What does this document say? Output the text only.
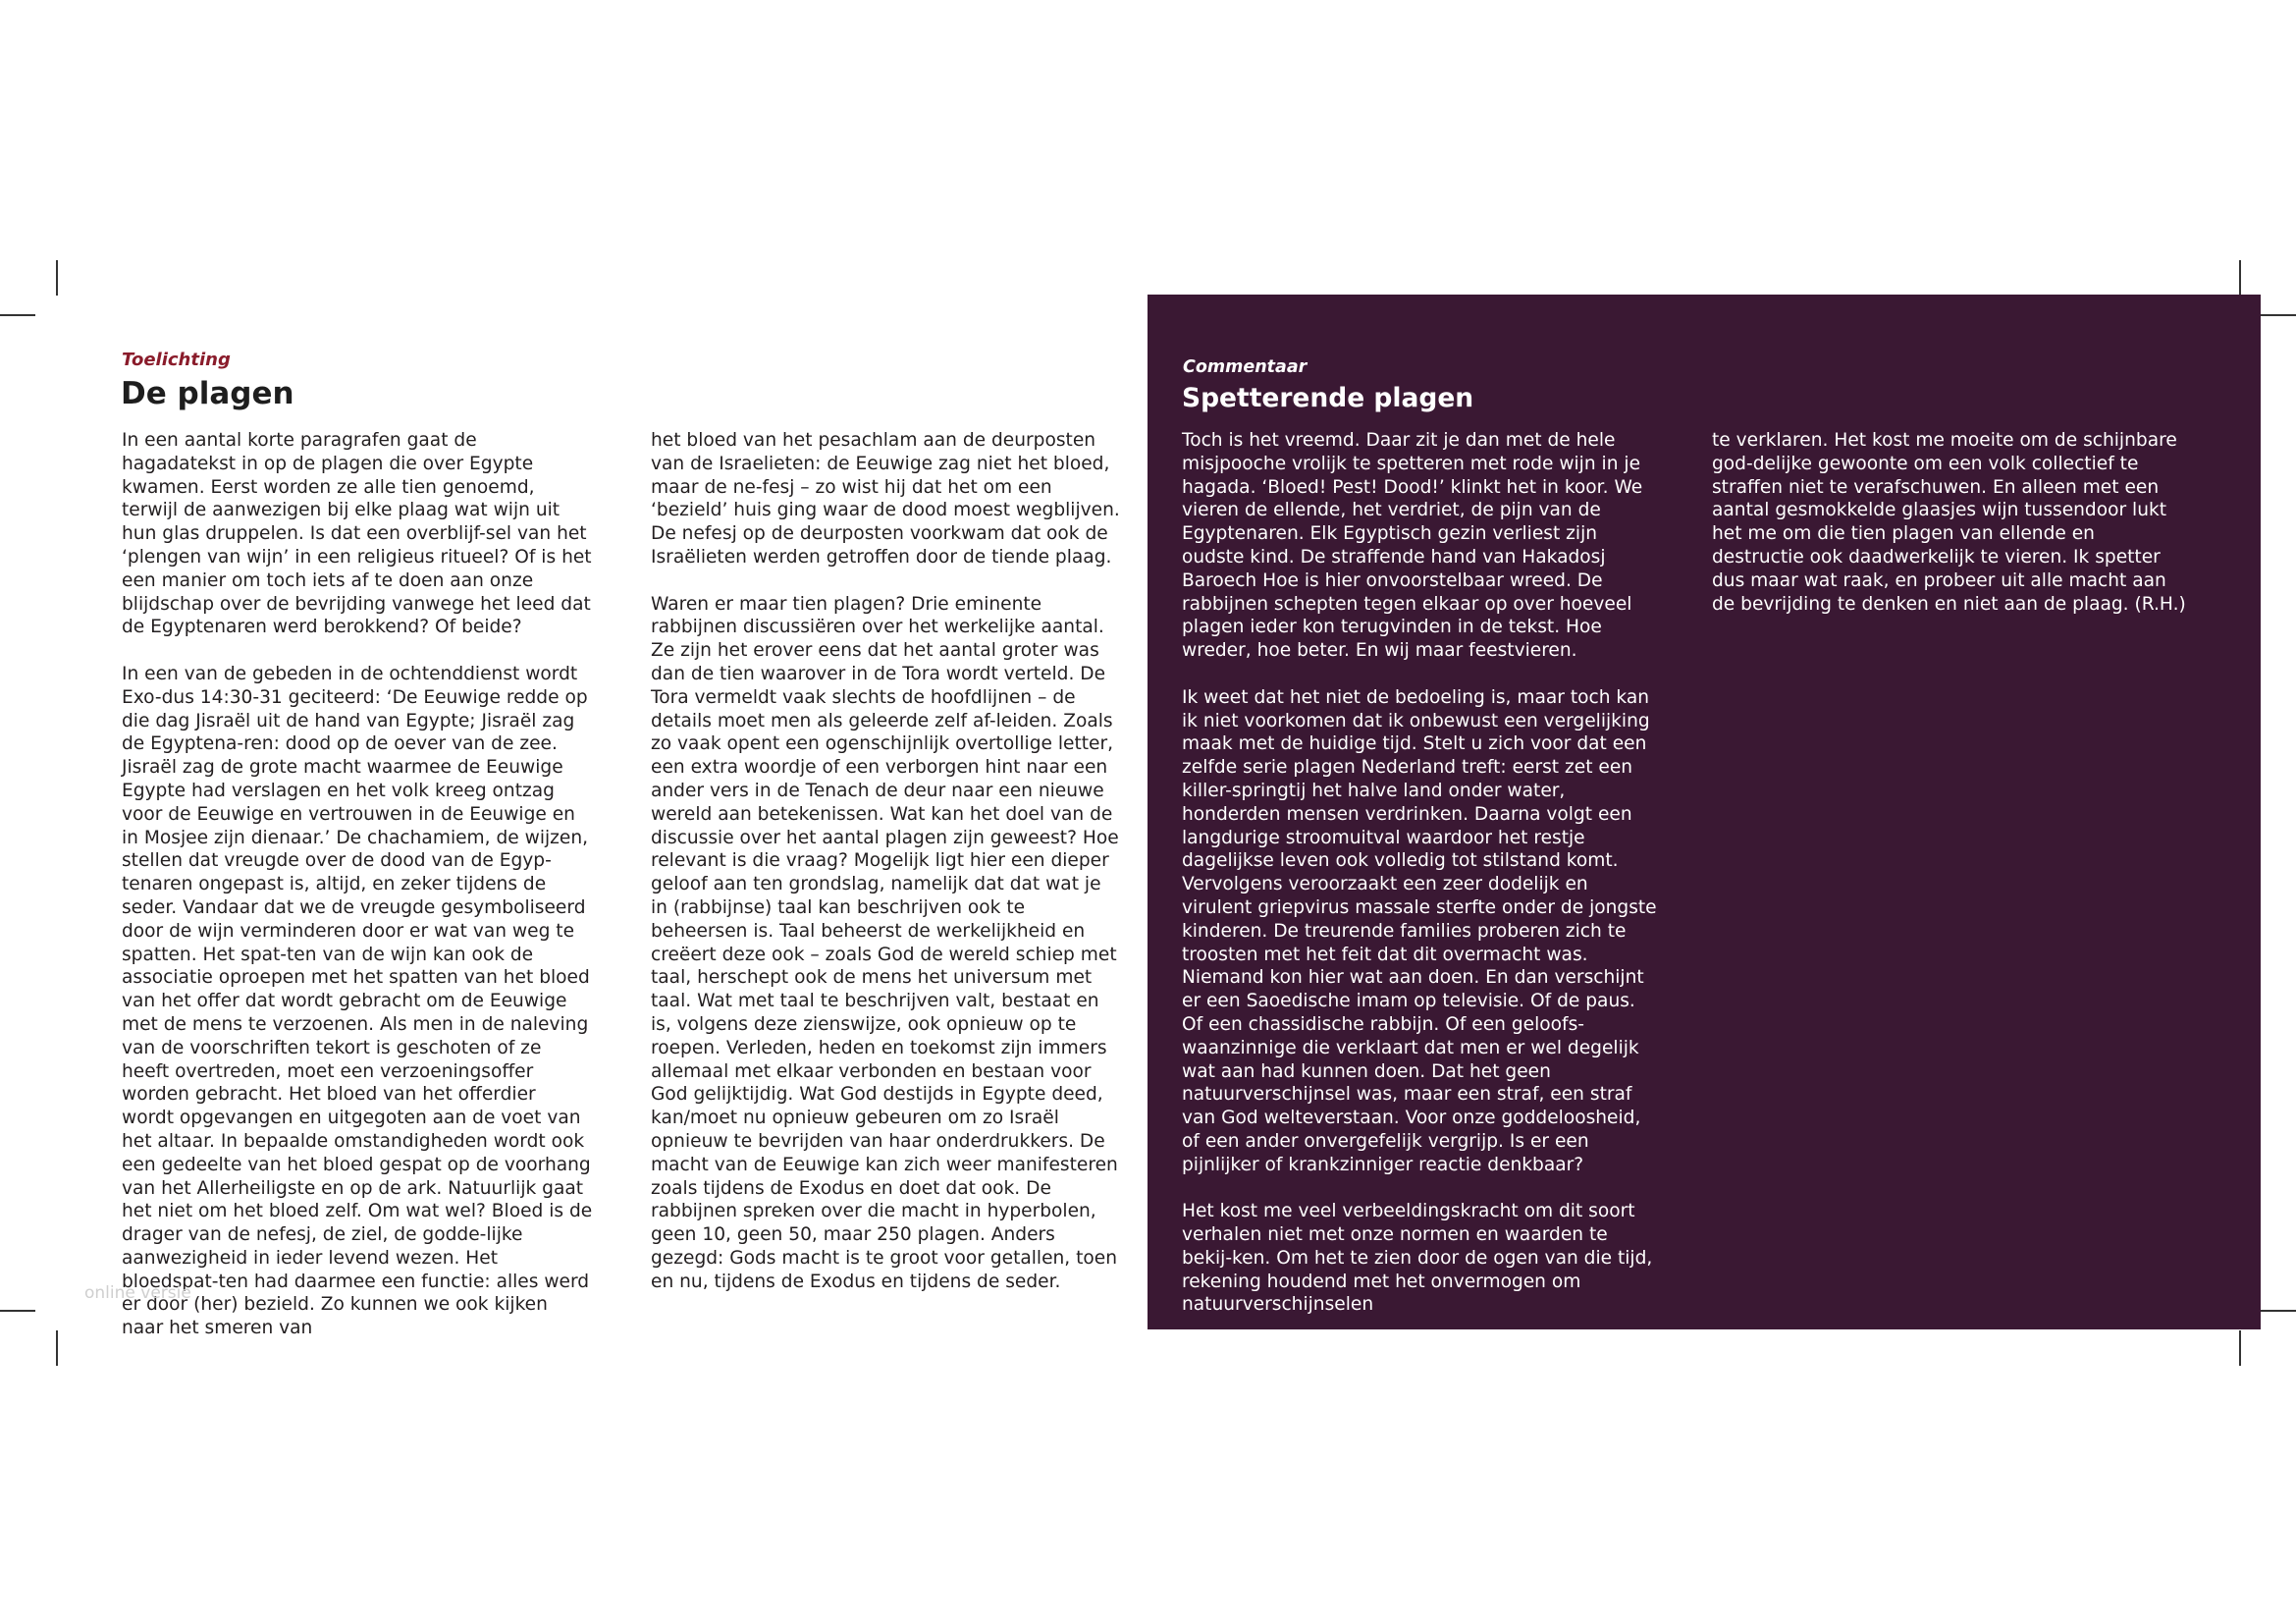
Toelichting
De plagen

In een aantal korte paragrafen gaat de hagadatekst in op de plagen die over Egypte kwamen. Eerst worden ze alle tien genoemd, terwijl de aanwezigen bij elke plaag wat wijn uit hun glas druppelen. Is dat een overblijf-sel van het ‘plengen van wijn’ in een religieus ritueel? Of is het een manier om toch iets af te doen aan onze blijdschap over de bevrijding vanwege het leed dat de Egyptenaren werd berokkend? Of beide?

In een van de gebeden in de ochtenddienst wordt Exo-dus 14:30-31 geciteerd: ‘De Eeuwige redde op die dag Jisraël uit de hand van Egypte; Jisraël zag de Egyptena-ren: dood op de oever van de zee. Jisraël zag de grote macht waarmee de Eeuwige Egypte had verslagen en het volk kreeg ontzag voor de Eeuwige en vertrouwen in de Eeuwige en in Mosjee zijn dienaar.’ De chachamiem, de wijzen, stellen dat vreugde over de dood van de Egyp-tenaren ongepast is, altijd, en zeker tijdens de seder. Vandaar dat we de vreugde gesymboliseerd door de wijn verminderen door er wat van weg te spatten. Het spat-ten van de wijn kan ook de associatie oproepen met het spatten van het bloed van het offer dat wordt gebracht om de Eeuwige met de mens te verzoenen. Als men in de naleving van de voorschriften tekort is geschoten of ze heeft overtreden, moet een verzoeningsoffer worden gebracht. Het bloed van het offerdier wordt opgevangen en uitgegoten aan de voet van het altaar. In bepaalde omstandigheden wordt ook een gedeelte van het bloed gespat op de voorhang van het Allerheiligste en op de ark. Natuurlijk gaat het niet om het bloed zelf. Om wat wel? Bloed is de drager van de nefesj, de ziel, de godde-lijke aanwezigheid in ieder levend wezen. Het bloedspat-ten had daarmee een functie: alles werd er door (her) bezield. Zo kunnen we ook kijken naar het smeren van

het bloed van het pesachlam aan de deurposten van de Israelieten: de Eeuwige zag niet het bloed, maar de ne-fesj – zo wist hij dat het om een ‘bezield’ huis ging waar de dood moest wegblijven. De nefesj op de deurposten voorkwam dat ook de Israëlieten werden getroffen door de tiende plaag.

Waren er maar tien plagen? Drie eminente rabbijnen discussiëren over het werkelijke aantal. Ze zijn het erover eens dat het aantal groter was dan de tien waarover in de Tora wordt verteld. De Tora vermeldt vaak slechts de hoofdlijnen – de details moet men als geleerde zelf af-leiden. Zoals zo vaak opent een ogenschijnlijk overtollige letter, een extra woordje of een verborgen hint naar een ander vers in de Tenach de deur naar een nieuwe wereld aan betekenissen. Wat kan het doel van de discussie over het aantal plagen zijn geweest? Hoe relevant is die vraag? Mogelijk ligt hier een dieper geloof aan ten grondslag, namelijk dat dat wat je in (rabbijnse) taal kan beschrijven ook te beheersen is. Taal beheerst de werkelijkheid en creëert deze ook – zoals God de wereld schiep met taal, herschept ook de mens het universum met taal. Wat met taal te beschrijven valt, bestaat en is, volgens deze zienswijze, ook opnieuw op te roepen. Verleden, heden en toekomst zijn immers allemaal met elkaar verbonden en bestaan voor God gelijktijdig. Wat God destijds in Egypte deed, kan/moet nu opnieuw gebeuren om zo Israël opnieuw te bevrijden van haar onderdrukkers. De macht van de Eeuwige kan zich weer manifesteren zoals tijdens de Exodus en doet dat ook. De rabbijnen spreken over die macht in hyperbolen, geen 10, geen 50, maar 250 plagen. Anders gezegd: Gods macht is te groot voor getallen, toen en nu, tijdens de Exodus en tijdens de seder.

Commentaar
Spetterende plagen

Toch is het vreemd. Daar zit je dan met de hele misjpooche vrolijk te spetteren met rode wijn in je hagada. ‘Bloed! Pest! Dood!’ klinkt het in koor. We vieren de ellende, het verdriet, de pijn van de Egyptenaren. Elk Egyptisch gezin verliest zijn oudste kind. De straffende hand van Hakadosj Baroech Hoe is hier onvoorstelbaar wreed. De rabbijnen schepten tegen elkaar op over hoeveel plagen ieder kon terugvinden in de tekst. Hoe wreder, hoe beter. En wij maar feestvieren.

Ik weet dat het niet de bedoeling is, maar toch kan ik niet voorkomen dat ik onbewust een vergelijking maak met de huidige tijd. Stelt u zich voor dat een zelfde serie plagen Nederland treft: eerst zet een killer-springtij het halve land onder water, honderden mensen verdrinken. Daarna volgt een langdurige stroomuitval waardoor het restje dagelijkse leven ook volledig tot stilstand komt. Vervolgens veroorzaakt een zeer dodelijk en virulent griepvirus massale sterfte onder de jongste kinderen. De treurende families proberen zich te troosten met het feit dat dit overmacht was. Niemand kon hier wat aan doen. En dan verschijnt er een Saoedische imam op televisie. Of de paus. Of een chassidische rabbijn. Of een geloofs-waanzinnige die verklaart dat men er wel degelijk wat aan had kunnen doen. Dat het geen natuurverschijnsel was, maar een straf, een straf van God welteverstaan. Voor onze goddeloosheid, of een ander onvergefelijk vergrijp. Is er een pijnlijker of krankzinniger reactie denkbaar?

Het kost me veel verbeeldingskracht om dit soort verhalen niet met onze normen en waarden te bekij-ken. Om het te zien door de ogen van die tijd, rekening houdend met het onvermogen om natuurverschijnselen

te verklaren. Het kost me moeite om de schijnbare god-delijke gewoonte om een volk collectief te straffen niet te verafschuwen. En alleen met een aantal gesmokkelde glaasjes wijn tussendoor lukt het me om die tien plagen van ellende en destructie ook daadwerkelijk te vieren. Ik spetter dus maar wat raak, en probeer uit alle macht aan de bevrijding te denken en niet aan de plaag. (R.H.)

online versie
